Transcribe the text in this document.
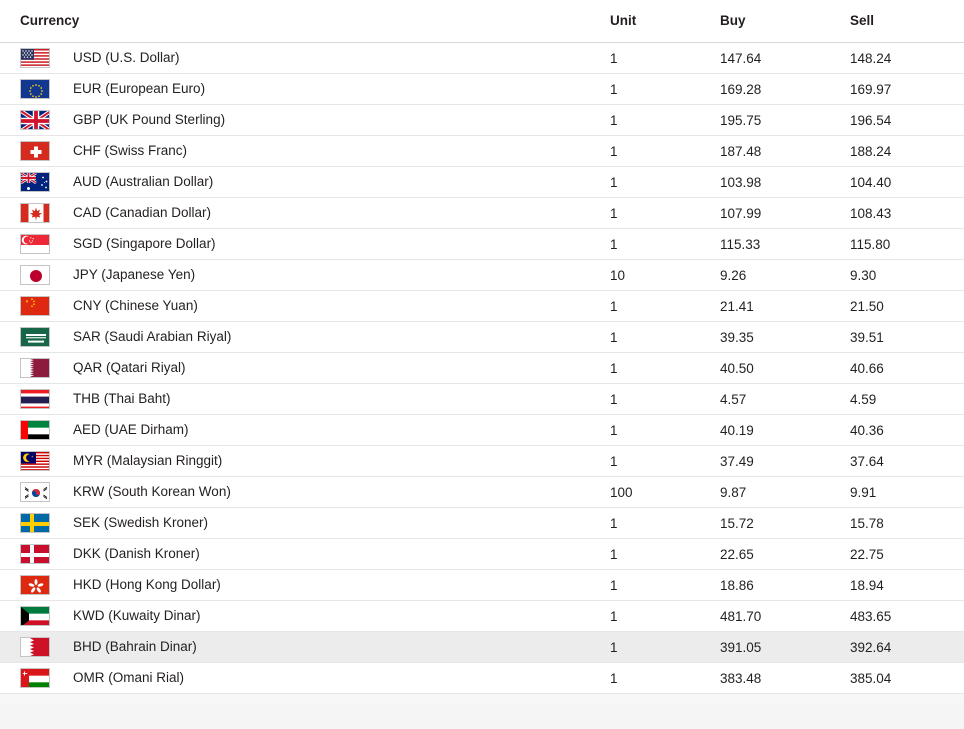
Currency	Unit	Buy	Sell

USD (U.S. Dollar)	1	147.64	148.24

EUR (European Euro)	1	169.28	169.97

GBP (UK Pound Sterling)	1	195.75	196.54

CHF (Swiss Franc)	1	187.48	188.24

AUD (Australian Dollar)	1	103.98	104.40

CAD (Canadian Dollar)	1	107.99	108.43

SGD (Singapore Dollar)	1	115.33	115.80

JPY (Japanese Yen)	10	9.26	9.30

CNY (Chinese Yuan)	1	21.41	21.50

SAR (Saudi Arabian Riyal)	1	39.35	39.51

QAR (Qatari Riyal)	1	40.50	40.66

THB (Thai Baht)	1	4.57	4.59

AED (UAE Dirham)	1	40.19	40.36

MYR (Malaysian Ringgit)	1	37.49	37.64

KRW (South Korean Won)	100	9.87	9.91

SEK (Swedish Kroner)	1	15.72	15.78

DKK (Danish Kroner)	1	22.65	22.75

HKD (Hong Kong Dollar)	1	18.86	18.94

KWD (Kuwaity Dinar)	1	481.70	483.65

BHD (Bahrain Dinar)	1	391.05	392.64

OMR (Omani Rial)	1	383.48	385.04
